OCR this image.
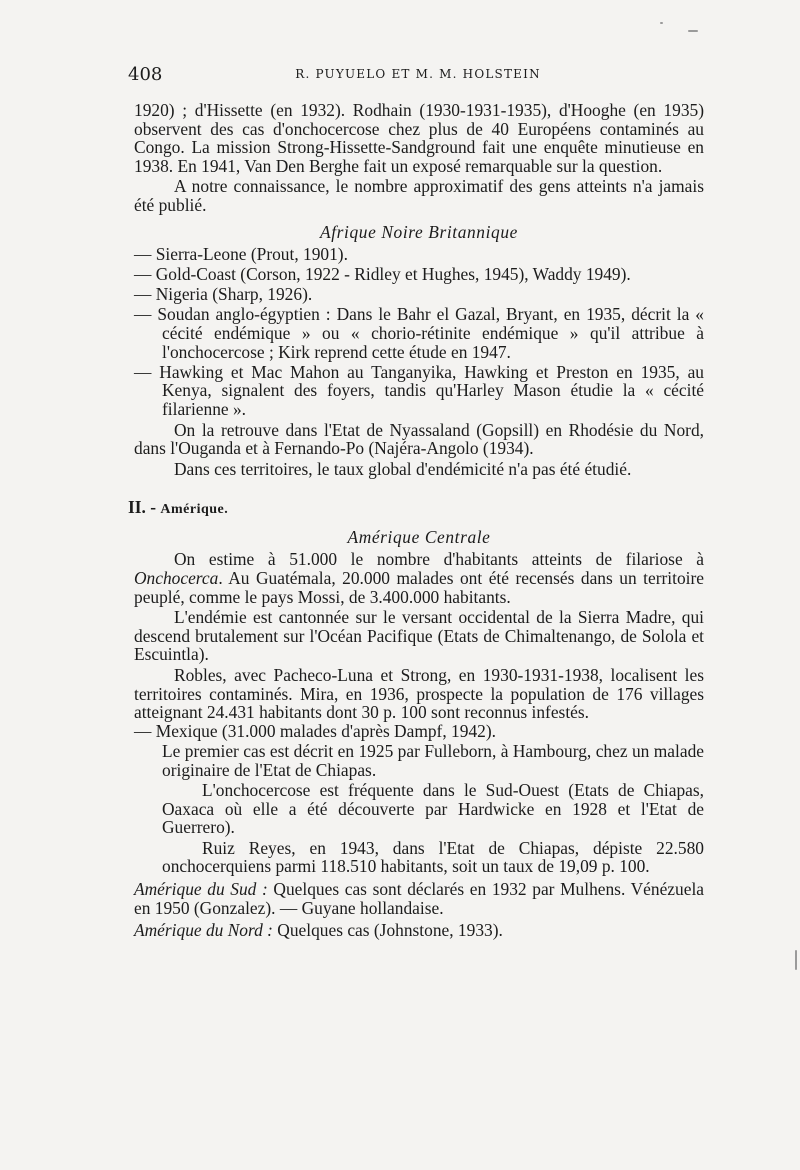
408	R. PUYUELO ET M. M. HOLSTEIN

1920) ; d'Hissette (en 1932). Rodhain (1930-1931-1935), d'Hooghe (en 1935) observent des cas d'onchocercose chez plus de 40 Européens contaminés au Congo. La mission Strong-Hissette-Sandground fait une enquête minutieuse en 1938. En 1941, Van Den Berghe fait un exposé remarquable sur la question.

A notre connaissance, le nombre approximatif des gens atteints n'a jamais été publié.

Afrique Noire Britannique

— Sierra-Leone (Prout, 1901).

— Gold-Coast (Corson, 1922 - Ridley et Hughes, 1945), Waddy 1949).

— Nigeria (Sharp, 1926).

— Soudan anglo-égyptien : Dans le Bahr el Gazal, Bryant, en 1935, décrit la « cécité endémique » ou « chorio-rétinite endémique » qu'il attribue à l'onchocercose ; Kirk reprend cette étude en 1947.

— Hawking et Mac Mahon au Tanganyika, Hawking et Preston en 1935, au Kenya, signalent des foyers, tandis qu'Harley Mason étudie la « cécité filarienne ».

On la retrouve dans l'Etat de Nyassaland (Gopsill) en Rhodésie du Nord, dans l'Ouganda et à Fernando-Po (Najéra-Angolo (1934).

Dans ces territoires, le taux global d'endémicité n'a pas été étudié.

II. - Amérique.

Amérique Centrale

On estime à 51.000 le nombre d'habitants atteints de filariose à Onchocerca. Au Guatémala, 20.000 malades ont été recensés dans un territoire peuplé, comme le pays Mossi, de 3.400.000 habitants.

L'endémie est cantonnée sur le versant occidental de la Sierra Madre, qui descend brutalement sur l'Océan Pacifique (Etats de Chimaltenango, de Solola et Escuintla).

Robles, avec Pacheco-Luna et Strong, en 1930-1931-1938, localisent les territoires contaminés. Mira, en 1936, prospecte la population de 176 villages atteignant 24.431 habitants dont 30 p. 100 sont reconnus infestés.

— Mexique (31.000 malades d'après Dampf, 1942).

Le premier cas est décrit en 1925 par Fulleborn, à Hambourg, chez un malade originaire de l'Etat de Chiapas.

L'onchocercose est fréquente dans le Sud-Ouest (Etats de Chiapas, Oaxaca où elle a été découverte par Hardwicke en 1928 et l'Etat de Guerrero).

Ruiz Reyes, en 1943, dans l'Etat de Chiapas, dépiste 22.580 onchocerquiens parmi 118.510 habitants, soit un taux de 19,09 p. 100.

Amérique du Sud : Quelques cas sont déclarés en 1932 par Mulhens. Vénézuela en 1950 (Gonzalez). — Guyane hollandaise.

Amérique du Nord : Quelques cas (Johnstone, 1933).
